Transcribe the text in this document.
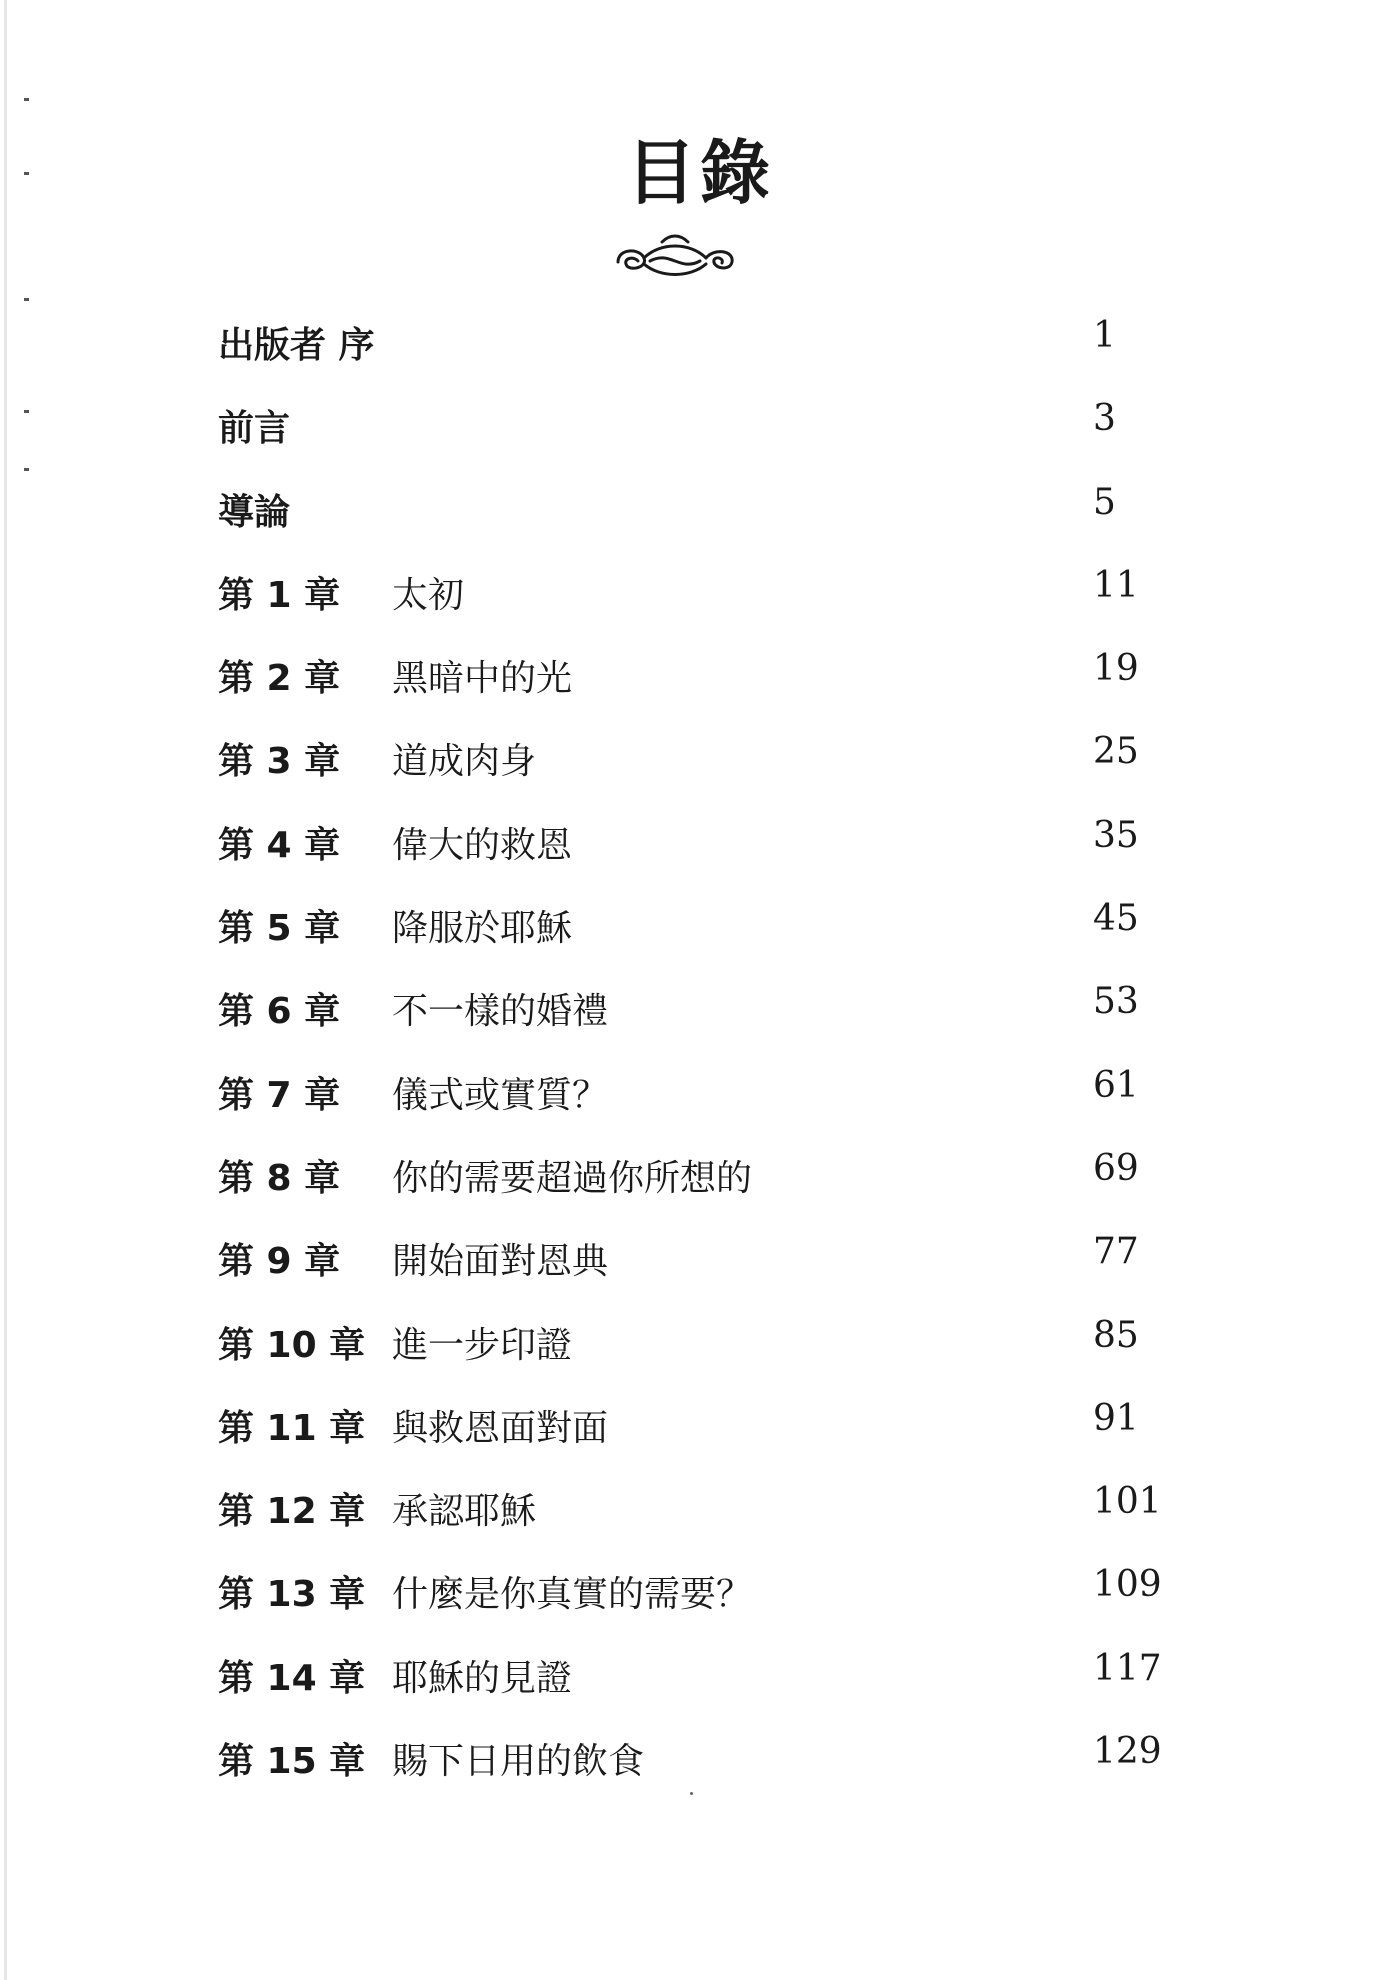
目錄
出版者 序	1
前言	3
導論	5
第 1 章 太初	11
第 2 章 黑暗中的光	19
第 3 章 道成肉身	25
第 4 章 偉大的救恩	35
第 5 章 降服於耶穌	45
第 6 章 不一樣的婚禮	53
第 7 章 儀式或實質？	61
第 8 章 你的需要超過你所想的	69
第 9 章 開始面對恩典	77
第 10 章 進一步印證	85
第 11 章 與救恩面對面	91
第 12 章 承認耶穌	101
第 13 章 什麼是你真實的需要？	109
第 14 章 耶穌的見證	117
第 15 章 賜下日用的飲食	129
